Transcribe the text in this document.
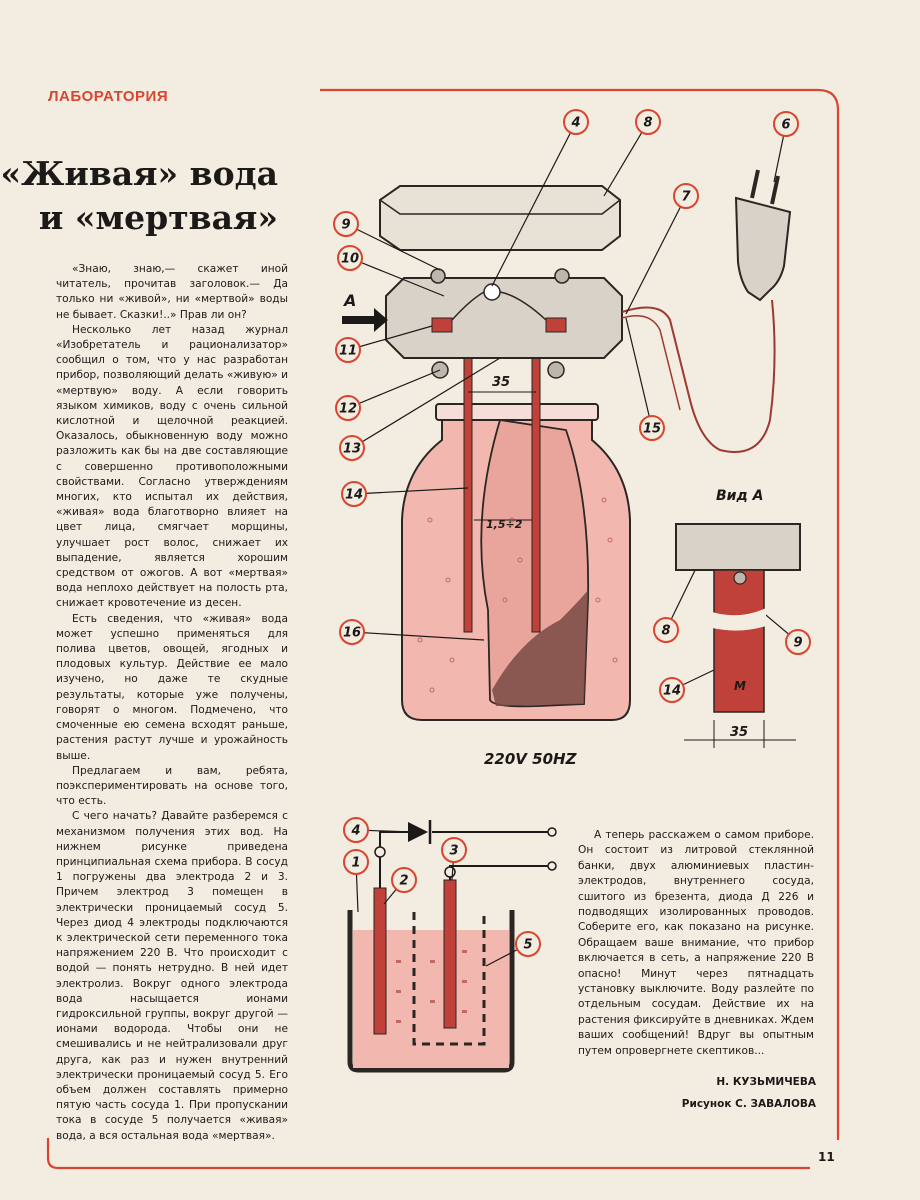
4	8	6
7
9
10
11
12
13
14
15
16	8
9
14
4
1
2
3
5
ЛАБОРАТОРИЯ
«Живая» вода
и «мертвая»

«Знаю, знаю,— скажет иной читатель, прочитав заголовок.— Да только ни «живой», ни «мертвой» воды не бывает. Сказки!..» Прав ли он?

Несколько лет назад журнал «Изобретатель и рационализатор» сообщил о том, что у нас разработан прибор, позволяющий делать «живую» и «мертвую» воду. А если говорить языком химиков, воду с очень сильной кислотной и щелочной реакцией. Оказалось, обыкновенную воду можно разложить как бы на две составляющие с совершенно противоположными свойствами. Согласно утверждениям многих, кто испытал их действия, «живая» вода благотворно влияет на цвет лица, смягчает морщины, улучшает рост волос, снижает их выпадение, является хорошим средством от ожогов. А вот «мертвая» вода неплохо действует на полость рта, снижает кровотечение из десен.

Есть сведения, что «живая» вода может успешно применяться для полива цветов, овощей, ягодных и плодовых культур. Действие ее мало изучено, но даже те скудные результаты, которые уже получены, говорят о многом. Подмечено, что смоченные ею семена всходят раньше, растения растут лучше и урожайность выше.

Предлагаем и вам, ребята, поэкспериментировать на основе того, что есть.

С чего начать? Давайте разберемся с механизмом получения этих вод. На нижнем рисунке приведена принципиальная схема прибора. В сосуд 1 погружены два электрода 2 и 3. Причем электрод 3 помещен в электрически проницаемый сосуд 5. Через диод 4 электроды подключаются к электрической сети переменного тока напряжением 220 В. Что происходит с водой — понять нетрудно. В ней идет электролиз. Вокруг одного электрода вода насыщается ионами гидроксильной группы, вокруг другой — ионами водорода. Чтобы они не смешивались и не нейтрализовали друг друга, как раз и нужен внутренний электрически проницаемый сосуд 5. Его объем должен составлять примерно пятую часть сосуда 1. При пропускании тока в сосуде 5 получается «живая» вода, а вся остальная вода «мертвая».

А теперь расскажем о самом приборе. Он состоит из литровой стеклянной банки, двух алюминиевых пластин-электродов, внутреннего сосуда, сшитого из брезента, диода Д 226 и подводящих изолированных проводов. Соберите его, как показано на рисунке. Обращаем ваше внимание, что прибор включается в сеть, а напряжение 220 В опасно! Минут через пятнадцать установку выключите. Воду разлейте по отдельным сосудам. Действие их на растения фиксируйте в дневниках. Ждем ваших сообщений! Вдруг вы опытным путем опровергнете скептиков...

Н. КУЗЬМИЧЕВА
Рисунок С. ЗАВАЛОВА
11
А
35
1,5÷2
Вид А
М
35
220V 50HZ
